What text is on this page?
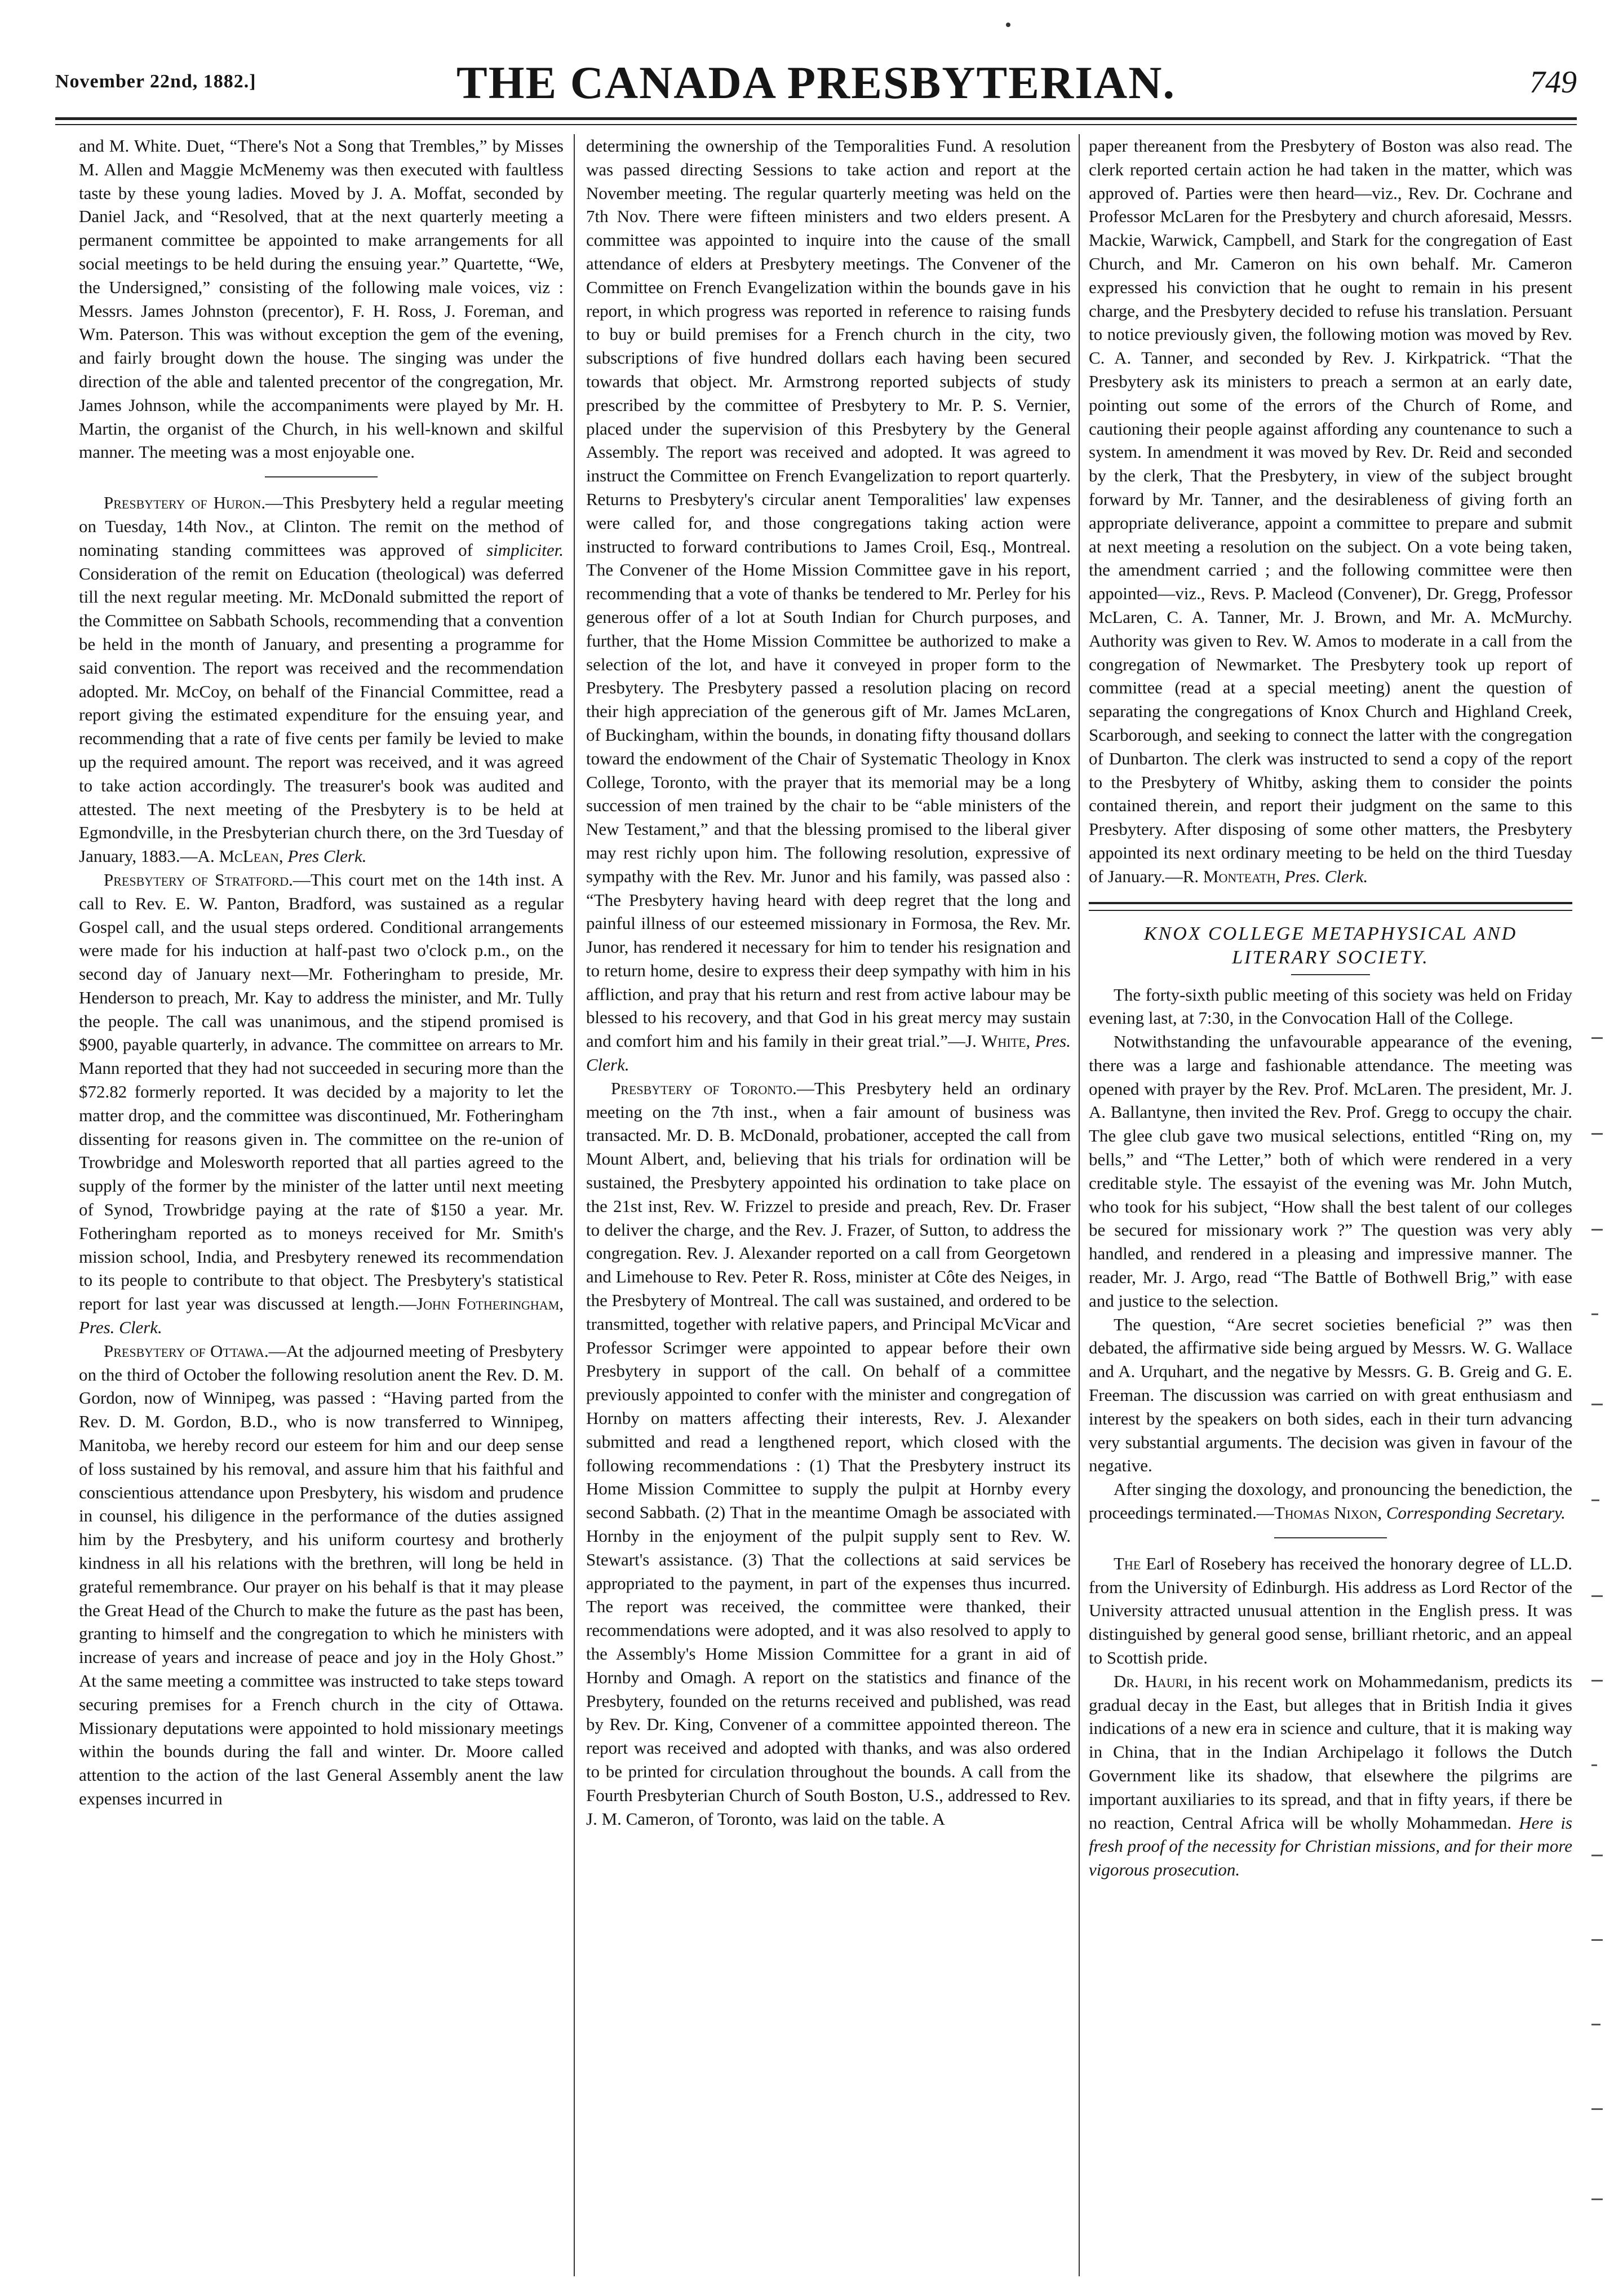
November 22nd, 1882.]	THE CANADA PRESBYTERIAN.	749

and M. White. Duet, “There's Not a Song that Trembles,” by Misses M. Allen and Maggie McMenemy was then executed with faultless taste by these young ladies. Moved by J. A. Moffat, seconded by Daniel Jack, and “Resolved, that at the next quarterly meeting a permanent committee be appointed to make arrangements for all social meetings to be held during the ensuing year.” Quartette, “We, the Undersigned,” consisting of the following male voices, viz : Messrs. James Johnston (precentor), F. H. Ross, J. Foreman, and Wm. Paterson. This was without exception the gem of the evening, and fairly brought down the house. The singing was under the direction of the able and talented precentor of the congregation, Mr. James Johnson, while the accompaniments were played by Mr. H. Martin, the organist of the Church, in his well-known and skilful manner. The meeting was a most enjoyable one.

Presbytery of Huron.—This Presbytery held a regular meeting on Tuesday, 14th Nov., at Clinton. The remit on the method of nominating standing committees was approved of simpliciter. Consideration of the remit on Education (theological) was deferred till the next regular meeting. Mr. McDonald submitted the report of the Committee on Sabbath Schools, recommending that a convention be held in the month of January, and presenting a programme for said convention. The report was received and the recommendation adopted. Mr. McCoy, on behalf of the Financial Committee, read a report giving the estimated expenditure for the ensuing year, and recommending that a rate of five cents per family be levied to make up the required amount. The report was received, and it was agreed to take action accordingly. The treasurer's book was audited and attested. The next meeting of the Presbytery is to be held at Egmondville, in the Presbyterian church there, on the 3rd Tuesday of January, 1883.—A. McLean, Pres Clerk.

Presbytery of Stratford.—This court met on the 14th inst. A call to Rev. E. W. Panton, Bradford, was sustained as a regular Gospel call, and the usual steps ordered. Conditional arrangements were made for his induction at half-past two o'clock p.m., on the second day of January next—Mr. Fotheringham to preside, Mr. Henderson to preach, Mr. Kay to address the minister, and Mr. Tully the people. The call was unanimous, and the stipend promised is $900, payable quarterly, in advance. The committee on arrears to Mr. Mann reported that they had not succeeded in securing more than the $72.82 formerly reported. It was decided by a majority to let the matter drop, and the committee was discontinued, Mr. Fotheringham dissenting for reasons given in. The committee on the re-union of Trowbridge and Molesworth reported that all parties agreed to the supply of the former by the minister of the latter until next meeting of Synod, Trowbridge paying at the rate of $150 a year. Mr. Fotheringham reported as to moneys received for Mr. Smith's mission school, India, and Presbytery renewed its recommendation to its people to contribute to that object. The Presbytery's statistical report for last year was discussed at length.—John Fotheringham, Pres. Clerk.

Presbytery of Ottawa.—At the adjourned meeting of Presbytery on the third of October the following resolution anent the Rev. D. M. Gordon, now of Winnipeg, was passed : “Having parted from the Rev. D. M. Gordon, B.D., who is now transferred to Winnipeg, Manitoba, we hereby record our esteem for him and our deep sense of loss sustained by his removal, and assure him that his faithful and conscientious attendance upon Presbytery, his wisdom and prudence in counsel, his diligence in the performance of the duties assigned him by the Presbytery, and his uniform courtesy and brotherly kindness in all his relations with the brethren, will long be held in grateful remembrance. Our prayer on his behalf is that it may please the Great Head of the Church to make the future as the past has been, granting to himself and the congregation to which he ministers with increase of years and increase of peace and joy in the Holy Ghost.” At the same meeting a committee was instructed to take steps toward securing premises for a French church in the city of Ottawa. Missionary deputations were appointed to hold missionary meetings within the bounds during the fall and winter. Dr. Moore called attention to the action of the last General Assembly anent the law expenses incurred in

determining the ownership of the Temporalities Fund. A resolution was passed directing Sessions to take action and report at the November meeting. The regular quarterly meeting was held on the 7th Nov. There were fifteen ministers and two elders present. A committee was appointed to inquire into the cause of the small attendance of elders at Presbytery meetings. The Convener of the Committee on French Evangelization within the bounds gave in his report, in which progress was reported in reference to raising funds to buy or build premises for a French church in the city, two subscriptions of five hundred dollars each having been secured towards that object. Mr. Armstrong reported subjects of study prescribed by the committee of Presbytery to Mr. P. S. Vernier, placed under the supervision of this Presbytery by the General Assembly. The report was received and adopted. It was agreed to instruct the Committee on French Evangelization to report quarterly. Returns to Presbytery's circular anent Temporalities' law expenses were called for, and those congregations taking action were instructed to forward contributions to James Croil, Esq., Montreal. The Convener of the Home Mission Committee gave in his report, recommending that a vote of thanks be tendered to Mr. Perley for his generous offer of a lot at South Indian for Church purposes, and further, that the Home Mission Committee be authorized to make a selection of the lot, and have it conveyed in proper form to the Presbytery. The Presbytery passed a resolution placing on record their high appreciation of the generous gift of Mr. James McLaren, of Buckingham, within the bounds, in donating fifty thousand dollars toward the endowment of the Chair of Systematic Theology in Knox College, Toronto, with the prayer that its memorial may be a long succession of men trained by the chair to be “able ministers of the New Testament,” and that the blessing promised to the liberal giver may rest richly upon him. The following resolution, expressive of sympathy with the Rev. Mr. Junor and his family, was passed also : “The Presbytery having heard with deep regret that the long and painful illness of our esteemed missionary in Formosa, the Rev. Mr. Junor, has rendered it necessary for him to tender his resignation and to return home, desire to express their deep sympathy with him in his affliction, and pray that his return and rest from active labour may be blessed to his recovery, and that God in his great mercy may sustain and comfort him and his family in their great trial.”—J. White, Pres. Clerk.

Presbytery of Toronto.—This Presbytery held an ordinary meeting on the 7th inst., when a fair amount of business was transacted. Mr. D. B. McDonald, probationer, accepted the call from Mount Albert, and, believing that his trials for ordination will be sustained, the Presbytery appointed his ordination to take place on the 21st inst, Rev. W. Frizzel to preside and preach, Rev. Dr. Fraser to deliver the charge, and the Rev. J. Frazer, of Sutton, to address the congregation. Rev. J. Alexander reported on a call from Georgetown and Limehouse to Rev. Peter R. Ross, minister at Côte des Neiges, in the Presbytery of Montreal. The call was sustained, and ordered to be transmitted, together with relative papers, and Principal McVicar and Professor Scrimger were appointed to appear before their own Presbytery in support of the call. On behalf of a committee previously appointed to confer with the minister and congregation of Hornby on matters affecting their interests, Rev. J. Alexander submitted and read a lengthened report, which closed with the following recommendations : (1) That the Presbytery instruct its Home Mission Committee to supply the pulpit at Hornby every second Sabbath. (2) That in the meantime Omagh be associated with Hornby in the enjoyment of the pulpit supply sent to Rev. W. Stewart's assistance. (3) That the collections at said services be appropriated to the payment, in part of the expenses thus incurred. The report was received, the committee were thanked, their recommendations were adopted, and it was also resolved to apply to the Assembly's Home Mission Committee for a grant in aid of Hornby and Omagh. A report on the statistics and finance of the Presbytery, founded on the returns received and published, was read by Rev. Dr. King, Convener of a committee appointed thereon. The report was received and adopted with thanks, and was also ordered to be printed for circulation throughout the bounds. A call from the Fourth Presbyterian Church of South Boston, U.S., addressed to Rev. J. M. Cameron, of Toronto, was laid on the table. A

paper thereanent from the Presbytery of Boston was also read. The clerk reported certain action he had taken in the matter, which was approved of. Parties were then heard—viz., Rev. Dr. Cochrane and Professor McLaren for the Presbytery and church aforesaid, Messrs. Mackie, Warwick, Campbell, and Stark for the congregation of East Church, and Mr. Cameron on his own behalf. Mr. Cameron expressed his conviction that he ought to remain in his present charge, and the Presbytery decided to refuse his translation. Persuant to notice previously given, the following motion was moved by Rev. C. A. Tanner, and seconded by Rev. J. Kirkpatrick. “That the Presbytery ask its ministers to preach a sermon at an early date, pointing out some of the errors of the Church of Rome, and cautioning their people against affording any countenance to such a system. In amendment it was moved by Rev. Dr. Reid and seconded by the clerk, That the Presbytery, in view of the subject brought forward by Mr. Tanner, and the desirableness of giving forth an appropriate deliverance, appoint a committee to prepare and submit at next meeting a resolution on the subject. On a vote being taken, the amendment carried ; and the following committee were then appointed—viz., Revs. P. Macleod (Convener), Dr. Gregg, Professor McLaren, C. A. Tanner, Mr. J. Brown, and Mr. A. McMurchy. Authority was given to Rev. W. Amos to moderate in a call from the congregation of Newmarket. The Presbytery took up report of committee (read at a special meeting) anent the question of separating the congregations of Knox Church and Highland Creek, Scarborough, and seeking to connect the latter with the congregation of Dunbarton. The clerk was instructed to send a copy of the report to the Presbytery of Whitby, asking them to consider the points contained therein, and report their judgment on the same to this Presbytery. After disposing of some other matters, the Presbytery appointed its next ordinary meeting to be held on the third Tuesday of January.—R. Monteath, Pres. Clerk.

KNOX COLLEGE METAPHYSICAL AND
LITERARY SOCIETY.

The forty-sixth public meeting of this society was held on Friday evening last, at 7:30, in the Convocation Hall of the College.

Notwithstanding the unfavourable appearance of the evening, there was a large and fashionable attendance. The meeting was opened with prayer by the Rev. Prof. McLaren. The president, Mr. J. A. Ballantyne, then invited the Rev. Prof. Gregg to occupy the chair. The glee club gave two musical selections, entitled “Ring on, my bells,” and “The Letter,” both of which were rendered in a very creditable style. The essayist of the evening was Mr. John Mutch, who took for his subject, “How shall the best talent of our colleges be secured for missionary work ?” The question was very ably handled, and rendered in a pleasing and impressive manner. The reader, Mr. J. Argo, read “The Battle of Bothwell Brig,” with ease and justice to the selection.

The question, “Are secret societies beneficial ?” was then debated, the affirmative side being argued by Messrs. W. G. Wallace and A. Urquhart, and the negative by Messrs. G. B. Greig and G. E. Freeman. The discussion was carried on with great enthusiasm and interest by the speakers on both sides, each in their turn advancing very substantial arguments. The decision was given in favour of the negative.

After singing the doxology, and pronouncing the benediction, the proceedings terminated.—Thomas Nixon, Corresponding Secretary.

The Earl of Rosebery has received the honorary degree of LL.D. from the University of Edinburgh. His address as Lord Rector of the University attracted unusual attention in the English press. It was distinguished by general good sense, brilliant rhetoric, and an appeal to Scottish pride.

Dr. Hauri, in his recent work on Mohammedanism, predicts its gradual decay in the East, but alleges that in British India it gives indications of a new era in science and culture, that it is making way in China, that in the Indian Archipelago it follows the Dutch Government like its shadow, that elsewhere the pilgrims are important auxiliaries to its spread, and that in fifty years, if there be no reaction, Central Africa will be wholly Mohammedan. Here is fresh proof of the necessity for Christian missions, and for their more vigorous prosecution.
